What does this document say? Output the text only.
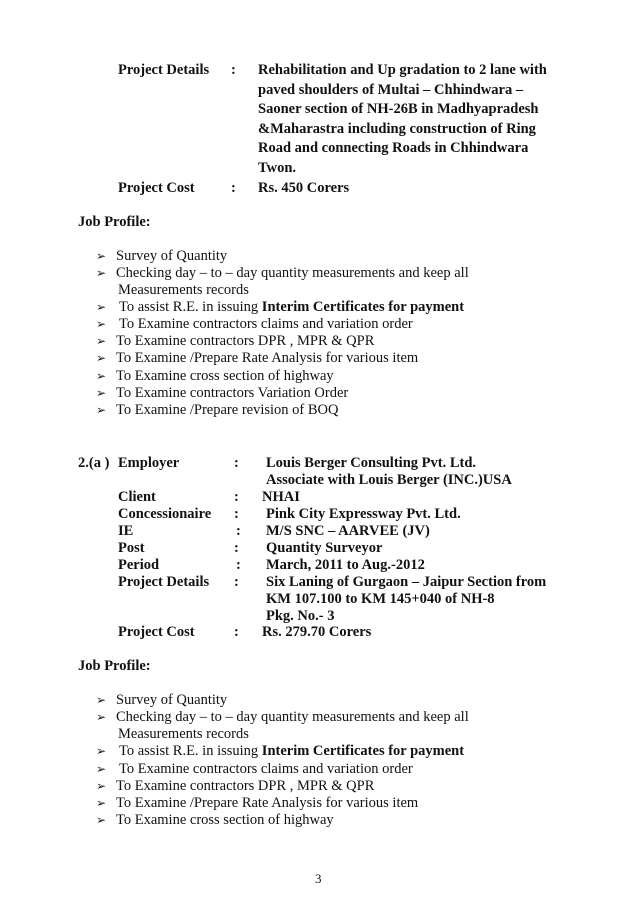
Project Details : Rehabilitation and Up gradation to 2 lane with
paved shoulders of Multai – Chhindwara –
Saoner section of NH-26B in Madhyapradesh
&Maharastra including construction of Ring
Road and connecting Roads in Chhindwara
Twon.
Project Cost	: Rs. 450 Corers
Job Profile:
➢ Survey of Quantity
➢ Checking day – to – day quantity measurements and keep all
Measurements records
➢ To assist R.E. in issuing Interim Certificates for payment
➢ To Examine contractors claims and variation order
➢ To Examine contractors DPR , MPR & QPR
➢ To Examine /Prepare Rate Analysis for various item
➢ To Examine cross section of highway
➢ To Examine contractors Variation Order
➢ To Examine /Prepare revision of BOQ
2.(a ) Employer	: Louis Berger Consulting Pvt. Ltd.
Associate with Louis Berger (INC.)USA
Client	: NHAI
Concessionaire : Pink City Expressway Pvt. Ltd.
IE	: M/S SNC – AARVEE (JV)
Post	: Quantity Surveyor
Period	: March, 2011 to Aug.-2012
Project Details : Six Laning of Gurgaon – Jaipur Section from
KM 107.100 to KM 145+040 of NH-8
Pkg. No.- 3
Project Cost	: Rs. 279.70 Corers
Job Profile:
➢ Survey of Quantity
➢ Checking day – to – day quantity measurements and keep all
Measurements records
➢ To assist R.E. in issuing Interim Certificates for payment
➢ To Examine contractors claims and variation order
➢ To Examine contractors DPR , MPR & QPR
➢ To Examine /Prepare Rate Analysis for various item
➢ To Examine cross section of highway
3
